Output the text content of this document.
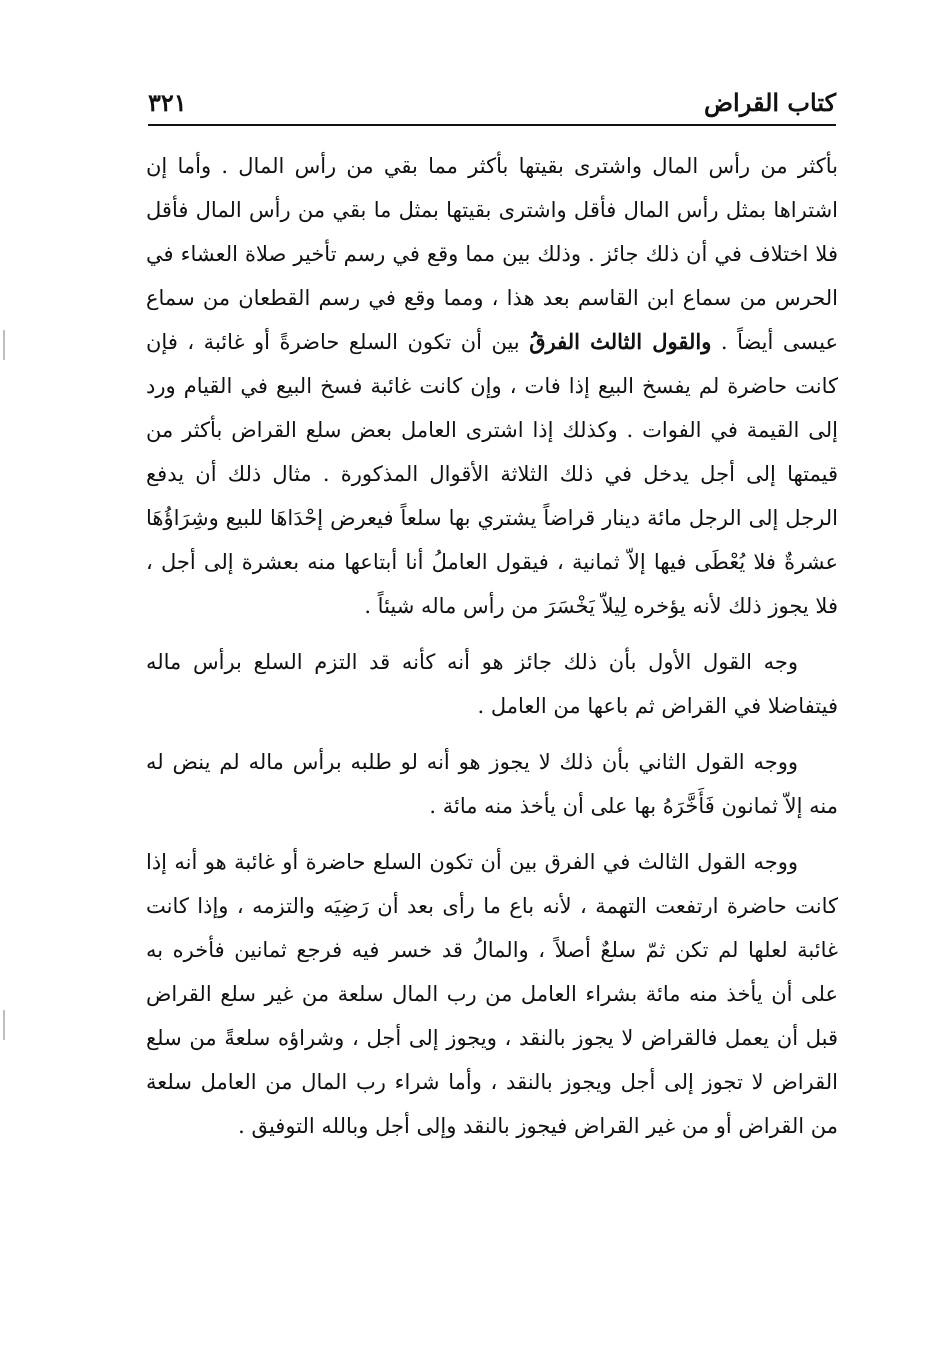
كتاب القراض
٣٢١

بأكثر من رأس المال واشترى بقيتها بأكثر مما بقي من رأس المال . وأما إن اشتراها بمثل رأس المال فأقل واشترى بقيتها بمثل ما بقي من رأس المال فأقل فلا اختلاف في أن ذلك جائز . وذلك بين مما وقع في رسم تأخير صلاة العشاء في الحرس من سماع ابن القاسم بعد هذا ، ومما وقع في رسم القطعان من سماع عيسى أيضاً . والقول الثالث الفرقُ بين أن تكون السلع حاضرةً أو غائبة ، فإن كانت حاضرة لم يفسخ البيع إذا فات ، وإن كانت غائبة فسخ البيع في القيام ورد إلى القيمة في الفوات . وكذلك إذا اشترى العامل بعض سلع القراض بأكثر من قيمتها إلى أجل يدخل في ذلك الثلاثة الأقوال المذكورة . مثال ذلك أن يدفع الرجل إلى الرجل مائة دينار قراضاً يشتري بها سلعاً فيعرض إحْدَاهَا للبيع وشِرَاؤُهَا عشرةٌ فلا يُعْطَى فيها إلاّ ثمانية ، فيقول العاملُ أنا أبتاعها منه بعشرة إلى أجل ، فلا يجوز ذلك لأنه يؤخره لِيلاّ يَخْسَرَ من رأس ماله شيئاً .

وجه القول الأول بأن ذلك جائز هو أنه كأنه قد التزم السلع برأس ماله فيتفاضلا في القراض ثم باعها من العامل .

ووجه القول الثاني بأن ذلك لا يجوز هو أنه لو طلبه برأس ماله لم ينض له منه إلاّ ثمانون فَأَخَّرَهُ بها على أن يأخذ منه مائة .

ووجه القول الثالث في الفرق بين أن تكون السلع حاضرة أو غائبة هو أنه إذا كانت حاضرة ارتفعت التهمة ، لأنه باع ما رأى بعد أن رَضِيَه والتزمه ، وإذا كانت غائبة لعلها لم تكن ثمّ سلعٌ أصلاً ، والمالُ قد خسر فيه فرجع ثمانين فأخره به على أن يأخذ منه مائة بشراء العامل من رب المال سلعة من غير سلع القراض قبل أن يعمل فالقراض لا يجوز بالنقد ، ويجوز إلى أجل ، وشراؤه سلعةً من سلع القراض لا تجوز إلى أجل ويجوز بالنقد ، وأما شراء رب المال من العامل سلعة من القراض أو من غير القراض فيجوز بالنقد وإلى أجل وبالله التوفيق .
